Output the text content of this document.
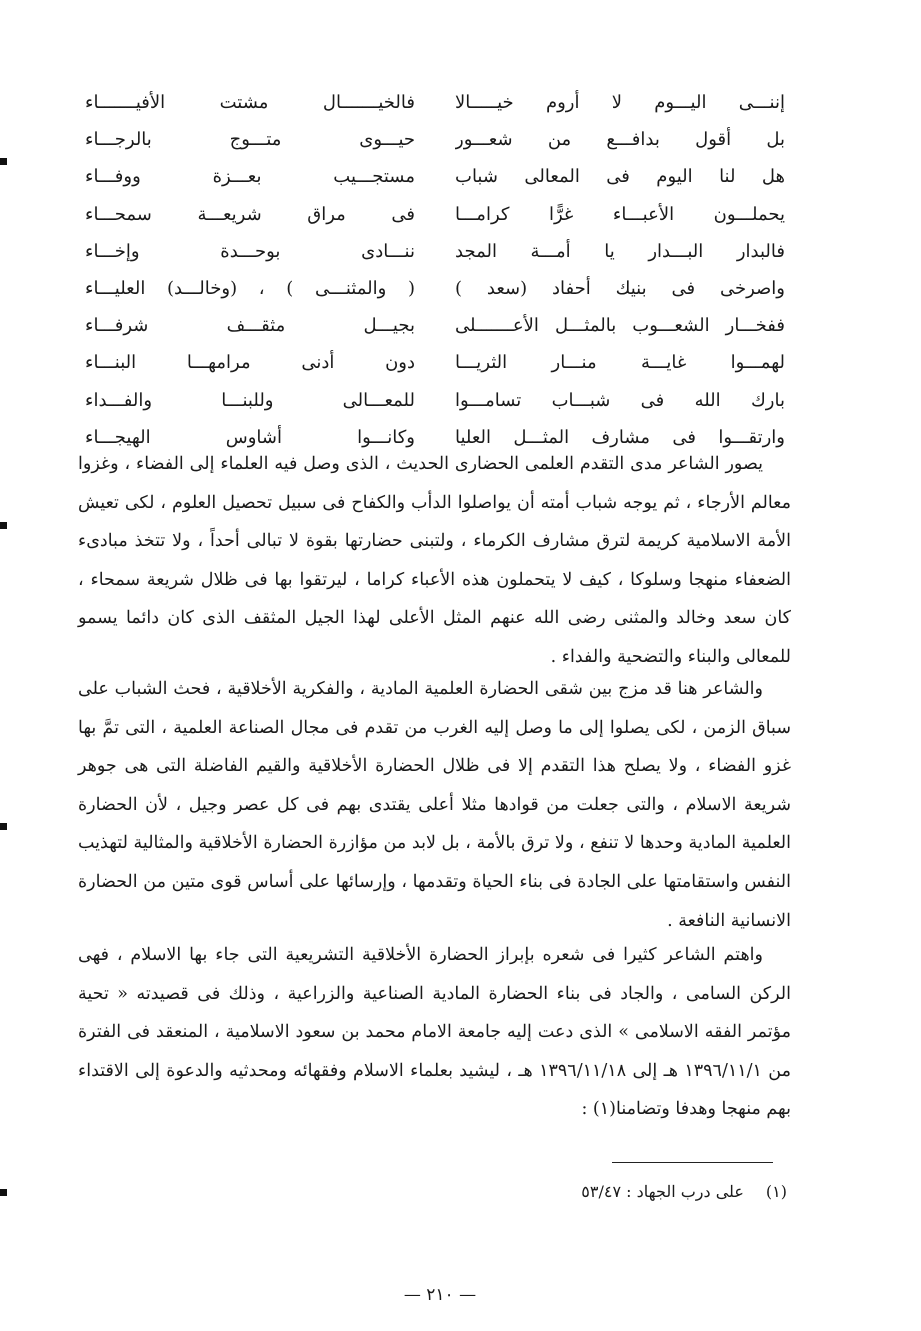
إننـــى اليـــوم لا أروم خيـــــالا
فالخيـــــــال مشتت الأفيـــــــاء
بل أقول بدافـــع من شعـــور
حيـــوى متـــوج بالرجـــاء
هل لنا اليوم فى المعالى شباب
مستجـــيب بعـــزة ووفـــاء
يحملـــون الأعبـــاء غرًّا كرامـــا
فى مراق شريعـــة سمحـــاء
فالبدار البـــدار يا أمـــة المجد
ننـــادى بوحـــدة وإخـــاء
واصرخى فى بنيك أحفاد (سعد )
( والمثنـــى ) ، (وخالـــد) العليـــاء
ففخـــار الشعـــوب بالمثـــل الأعـــــــلى
بجيـــل مثقـــف شرفـــاء
لهمـــوا غايـــة منـــار الثريـــا
دون أدنى مرامهـــا البنـــاء
بارك الله فى شبـــاب تسامـــوا
للمعـــالى وللبنـــا والفـــداء
وارتقـــوا فى مشارف المثـــل العليا
وكانـــوا أشاوس الهيجـــاء

يصور الشاعر مدى التقدم العلمى الحضارى الحديث ، الذى وصل فيه العلماء إلى الفضاء ، وغزوا معالم الأرجاء ، ثم يوجه شباب أمته أن يواصلوا الدأب والكفاح فى سبيل تحصيل العلوم ، لكى تعيش الأمة الاسلامية كريمة لترق مشارف الكرماء ، ولتبنى حضارتها بقوة لا تبالى أحداً ، ولا تتخذ مبادىء الضعفاء منهجا وسلوكا ، كيف لا يتحملون هذه الأعباء كراما ، ليرتقوا بها فى ظلال شريعة سمحاء ، كان سعد وخالد والمثنى رضى الله عنهم المثل الأعلى لهذا الجيل المثقف الذى كان دائما يسمو للمعالى والبناء والتضحية والفداء .

والشاعر هنا قد مزج بين شقى الحضارة العلمية المادية ، والفكرية الأخلاقية ، فحث الشباب على سباق الزمن ، لكى يصلوا إلى ما وصل إليه الغرب من تقدم فى مجال الصناعة العلمية ، التى تمَّ بها غزو الفضاء ، ولا يصلح هذا التقدم إلا فى ظلال الحضارة الأخلاقية والقيم الفاضلة التى هى جوهر شريعة الاسلام ، والتى جعلت من قوادها مثلا أعلى يقتدى بهم فى كل عصر وجيل ، لأن الحضارة العلمية المادية وحدها لا تنفع ، ولا ترق بالأمة ، بل لابد من مؤازرة الحضارة الأخلاقية والمثالية لتهذيب النفس واستقامتها على الجادة فى بناء الحياة وتقدمها ، وإرسائها على أساس قوى متين من الحضارة الانسانية النافعة .

واهتم الشاعر كثيرا فى شعره بإبراز الحضارة الأخلاقية التشريعية التى جاء بها الاسلام ، فهى الركن السامى ، والجاد فى بناء الحضارة المادية الصناعية والزراعية ، وذلك فى قصيدته « تحية مؤتمر الفقه الاسلامى » الذى دعت إليه جامعة الامام محمد بن سعود الاسلامية ، المنعقد فى الفترة من ١٣٩٦/١١/١ هـ إلى ١٣٩٦/١١/١٨ هـ ، ليشيد بعلماء الاسلام وفقهائه ومحدثيه والدعوة إلى الاقتداء بهم منهجا وهدفا وتضامنا(١) :

(١)على درب الجهاد : ٥٣/٤٧
— ٢١٠ —
